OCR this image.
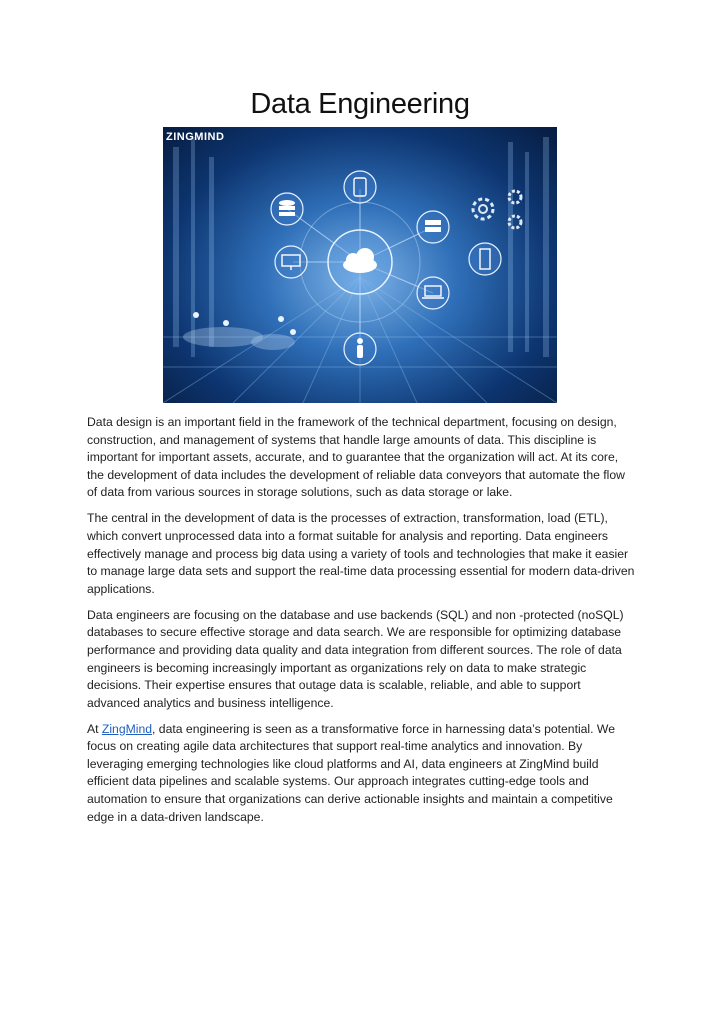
Data Engineering
ZINGMIND

Data design is an important field in the framework of the technical department, focusing on design, construction, and management of systems that handle large amounts of data. This discipline is important for important assets, accurate, and to guarantee that the organization will act. At its core, the development of data includes the development of reliable data conveyors that automate the flow of data from various sources in storage solutions, such as data storage or lake.

The central in the development of data is the processes of extraction, transformation, load (ETL), which convert unprocessed data into a format suitable for analysis and reporting. Data engineers effectively manage and process big data using a variety of tools and technologies that make it easier to manage large data sets and support the real-time data processing essential for modern data-driven applications.

Data engineers are focusing on the database and use backends (SQL) and non -protected (noSQL) databases to secure effective storage and data search. We are responsible for optimizing database performance and providing data quality and data integration from different sources. The role of data engineers is becoming increasingly important as organizations rely on data to make strategic decisions. Their expertise ensures that outage data is scalable, reliable, and able to support advanced analytics and business intelligence.

At ZingMind, data engineering is seen as a transformative force in harnessing data’s potential. We focus on creating agile data architectures that support real-time analytics and innovation. By leveraging emerging technologies like cloud platforms and AI, data engineers at ZingMind build efficient data pipelines and scalable systems. Our approach integrates cutting-edge tools and automation to ensure that organizations can derive actionable insights and maintain a competitive edge in a data-driven landscape.
